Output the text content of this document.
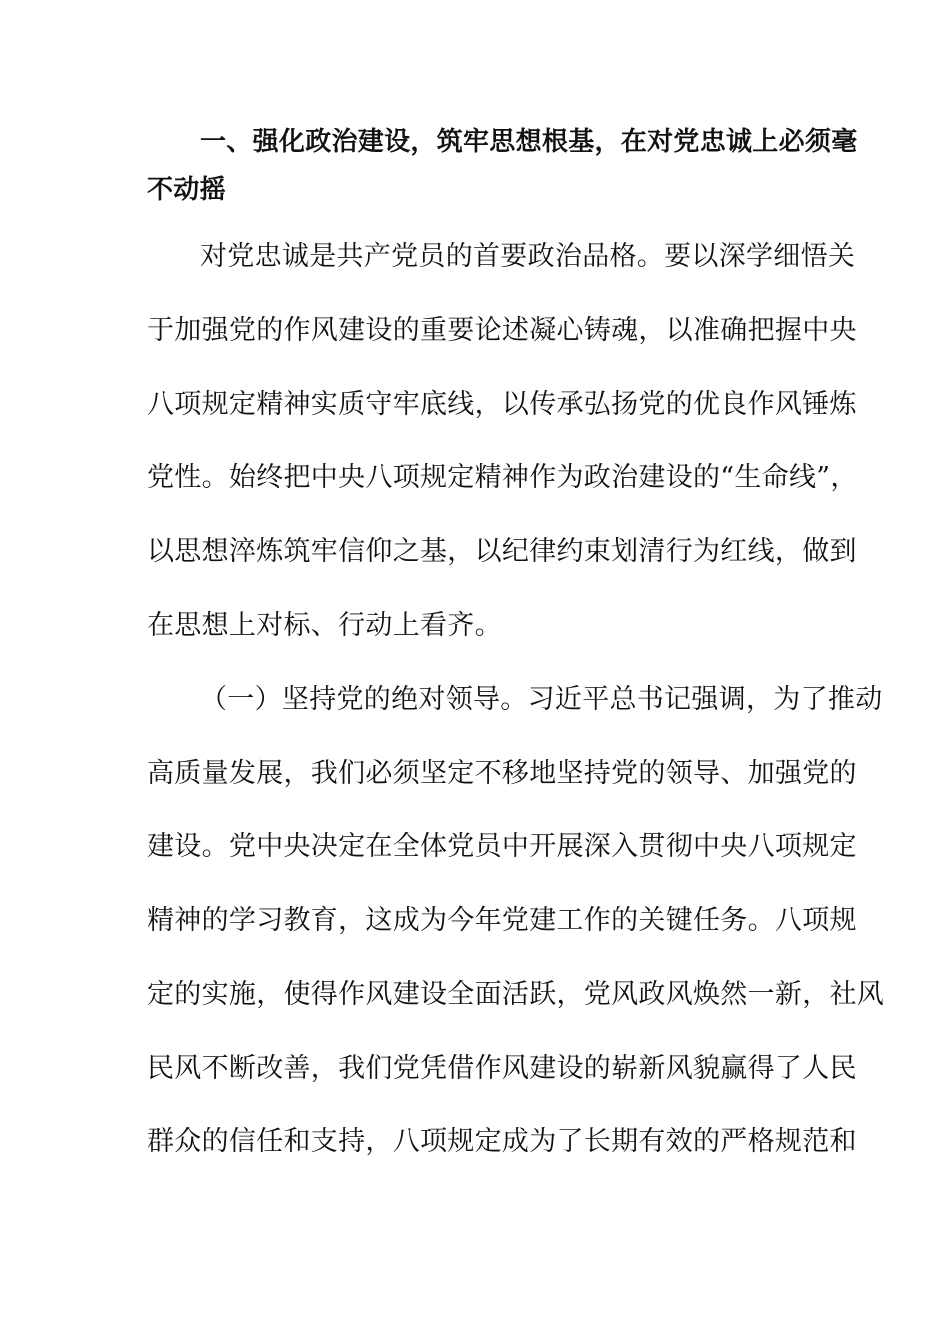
一、强化政治建设，筑牢思想根基，在对党忠诚上必须毫
不动摇
对党忠诚是共产党员的首要政治品格。要以深学细悟关
于加强党的作风建设的重要论述凝心铸魂，以准确把握中央
八项规定精神实质守牢底线，以传承弘扬党的优良作风锤炼
党性。始终把中央八项规定精神作为政治建设的“生命线”，
以思想淬炼筑牢信仰之基，以纪律约束划清行为红线，做到
在思想上对标、行动上看齐。
（一）坚持党的绝对领导。习近平总书记强调，为了推动
高质量发展，我们必须坚定不移地坚持党的领导、加强党的
建设。党中央决定在全体党员中开展深入贯彻中央八项规定
精神的学习教育，这成为今年党建工作的关键任务。八项规
定的实施，使得作风建设全面活跃，党风政风焕然一新，社风
民风不断改善，我们党凭借作风建设的崭新风貌赢得了人民
群众的信任和支持，八项规定成为了长期有效的严格规范和
